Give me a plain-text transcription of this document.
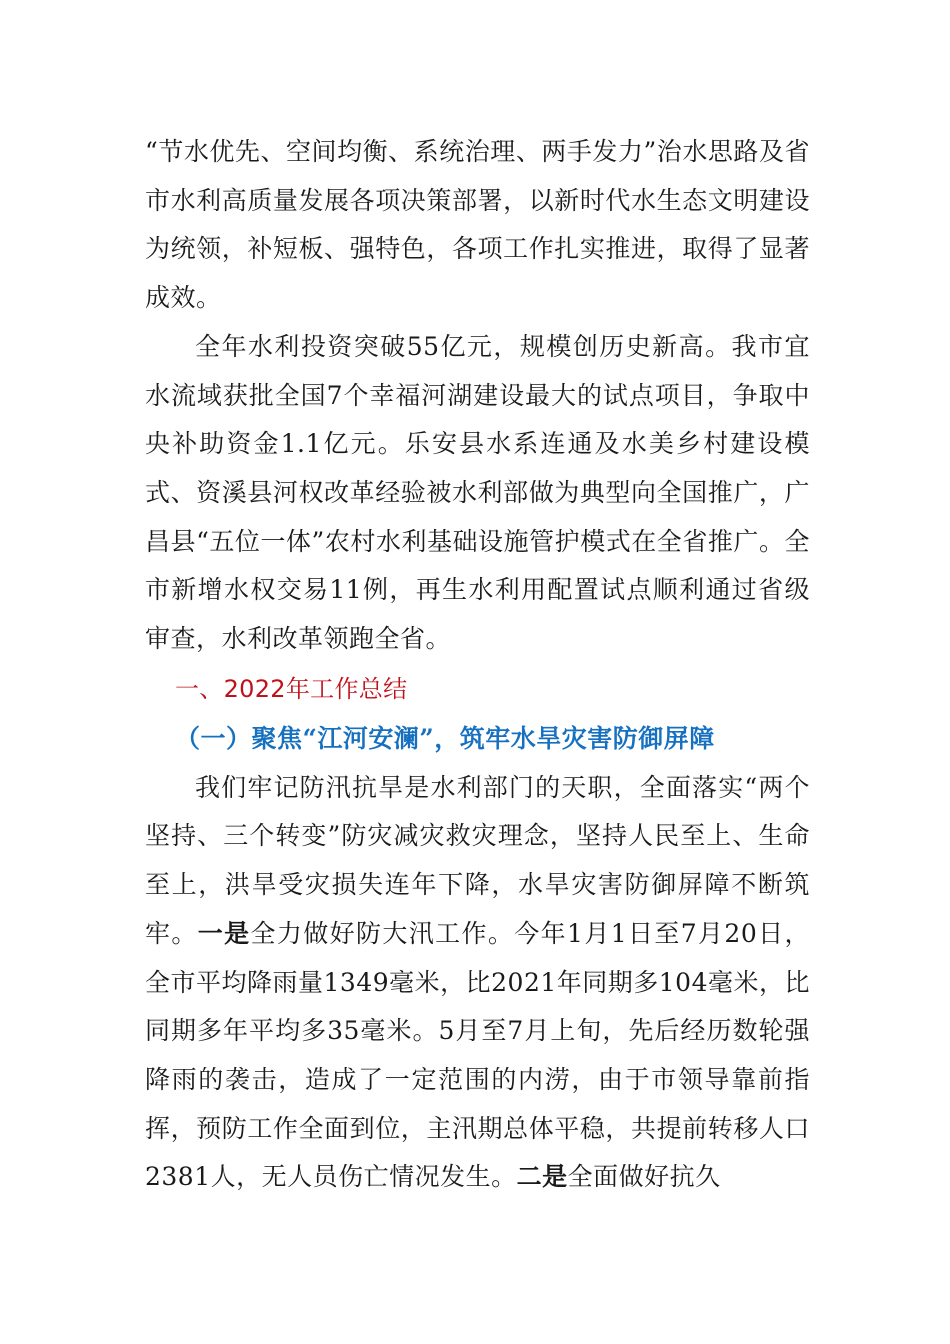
“节水优先、空间均衡、系统治理、两手发力”治水思路及省市水利高质量发展各项决策部署，以新时代水生态文明建设为统领，补短板、强特色，各项工作扎实推进，取得了显著成效。

全年水利投资突破55亿元，规模创历史新高。我市宜水流域获批全国7个幸福河湖建设最大的试点项目，争取中央补助资金1.1亿元。乐安县水系连通及水美乡村建设模式、资溪县河权改革经验被水利部做为典型向全国推广，广昌县“五位一体”农村水利基础设施管护模式在全省推广。全市新增水权交易11例，再生水利用配置试点顺利通过省级审查，水利改革领跑全省。

一、2022年工作总结
（一）聚焦“江河安澜”，筑牢水旱灾害防御屏障

我们牢记防汛抗旱是水利部门的天职，全面落实“两个坚持、三个转变”防灾减灾救灾理念，坚持人民至上、生命至上，洪旱受灾损失连年下降，水旱灾害防御屏障不断筑牢。一是全力做好防大汛工作。今年1月1日至7月20日，全市平均降雨量1349毫米，比2021年同期多104毫米，比同期多年平均多35毫米。5月至7月上旬，先后经历数轮强降雨的袭击，造成了一定范围的内涝，由于市领导靠前指挥，预防工作全面到位，主汛期总体平稳，共提前转移人口2381人，无人员伤亡情况发生。二是全面做好抗久
